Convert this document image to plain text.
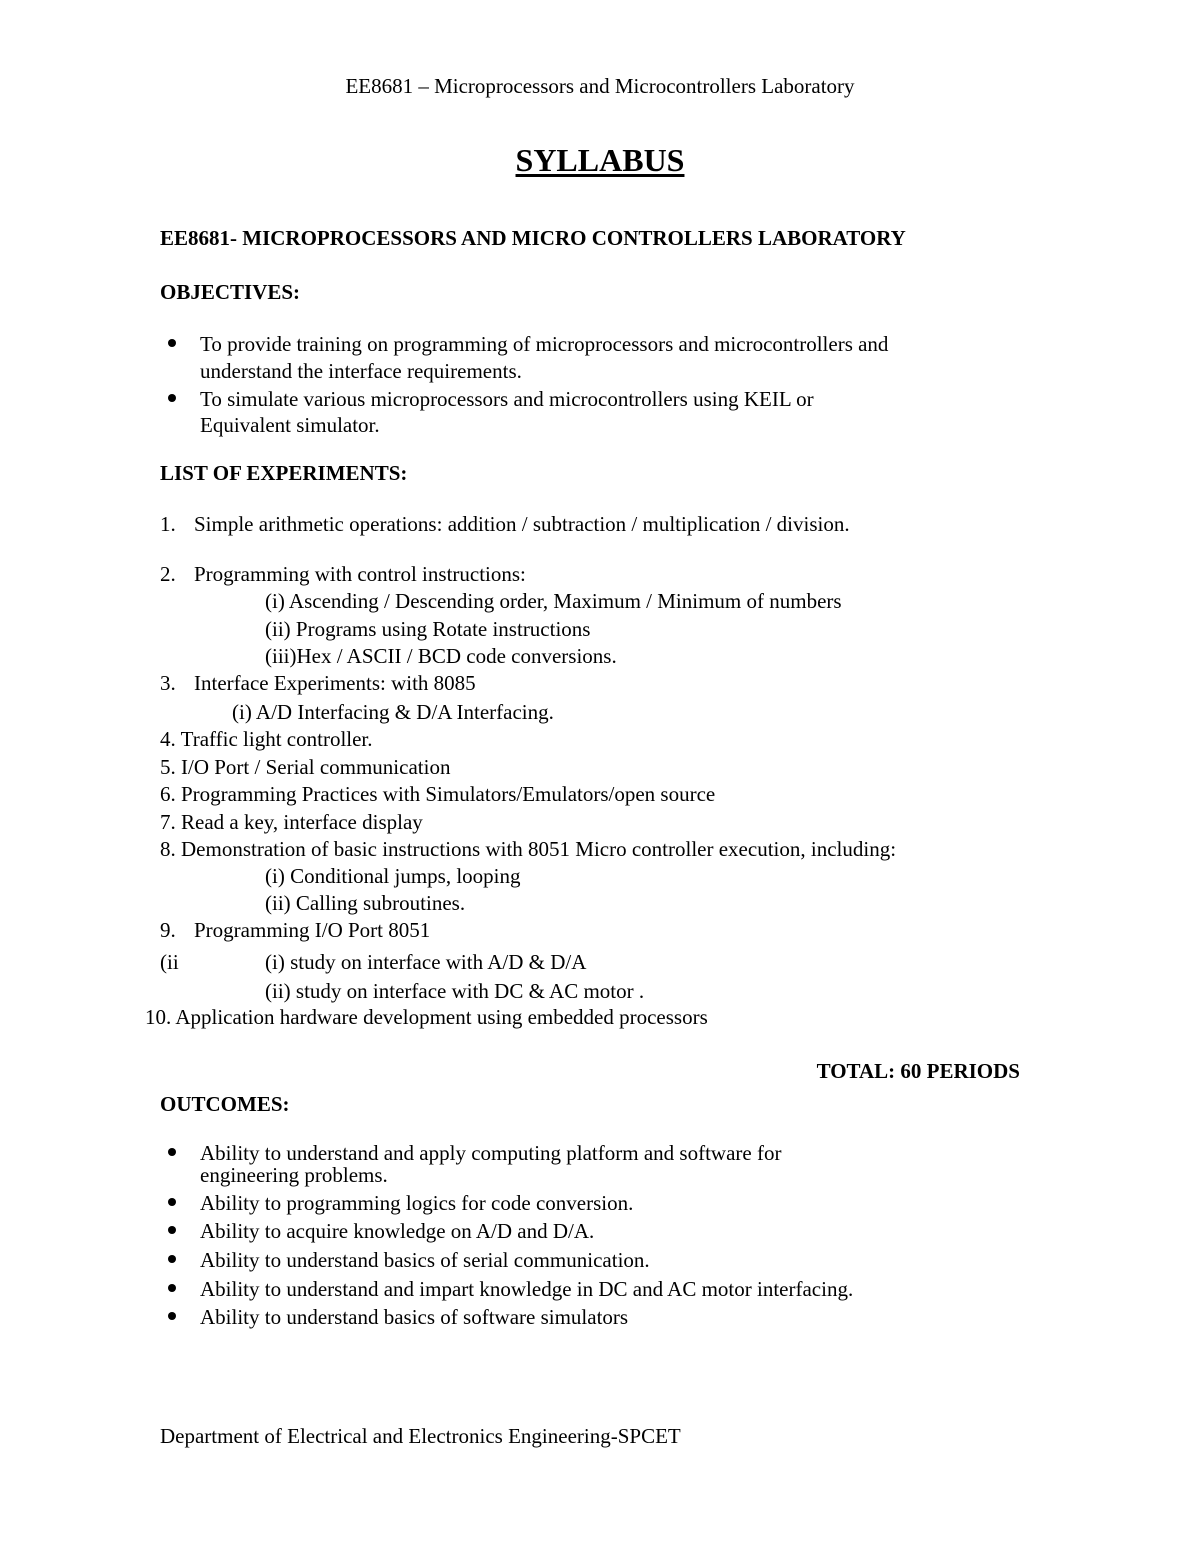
EE8681 – Microprocessors and Microcontrollers Laboratory
SYLLABUS
EE8681- MICROPROCESSORS AND MICRO CONTROLLERS LABORATORY
OBJECTIVES:
To provide training on programming of microprocessors and microcontrollers and
understand the interface requirements.
To simulate various microprocessors and microcontrollers using KEIL or
Equivalent simulator.
LIST OF EXPERIMENTS:
1. Simple arithmetic operations: addition / subtraction / multiplication / division.
2. Programming with control instructions:
(i) Ascending / Descending order, Maximum / Minimum of numbers
(ii) Programs using Rotate instructions
(iii)Hex / ASCII / BCD code conversions.
3. Interface Experiments: with 8085
(i) A/D Interfacing & D/A Interfacing.
4. Traffic light controller.
5. I/O Port / Serial communication
6. Programming Practices with Simulators/Emulators/open source
7. Read a key, interface display
8. Demonstration of basic instructions with 8051 Micro controller execution, including:
(i) Conditional jumps, looping
(ii) Calling subroutines.
9. Programming I/O Port 8051
(ii	(i) study on interface with A/D & D/A
(ii) study on interface with DC & AC motor .
10. Application hardware development using embedded processors
TOTAL: 60 PERIODS
OUTCOMES:
Ability to understand and apply computing platform and software for
engineering problems.
Ability to programming logics for code conversion.
Ability to acquire knowledge on A/D and D/A.
Ability to understand basics of serial communication.
Ability to understand and impart knowledge in DC and AC motor interfacing.
Ability to understand basics of software simulators
Department of Electrical and Electronics Engineering-SPCET
